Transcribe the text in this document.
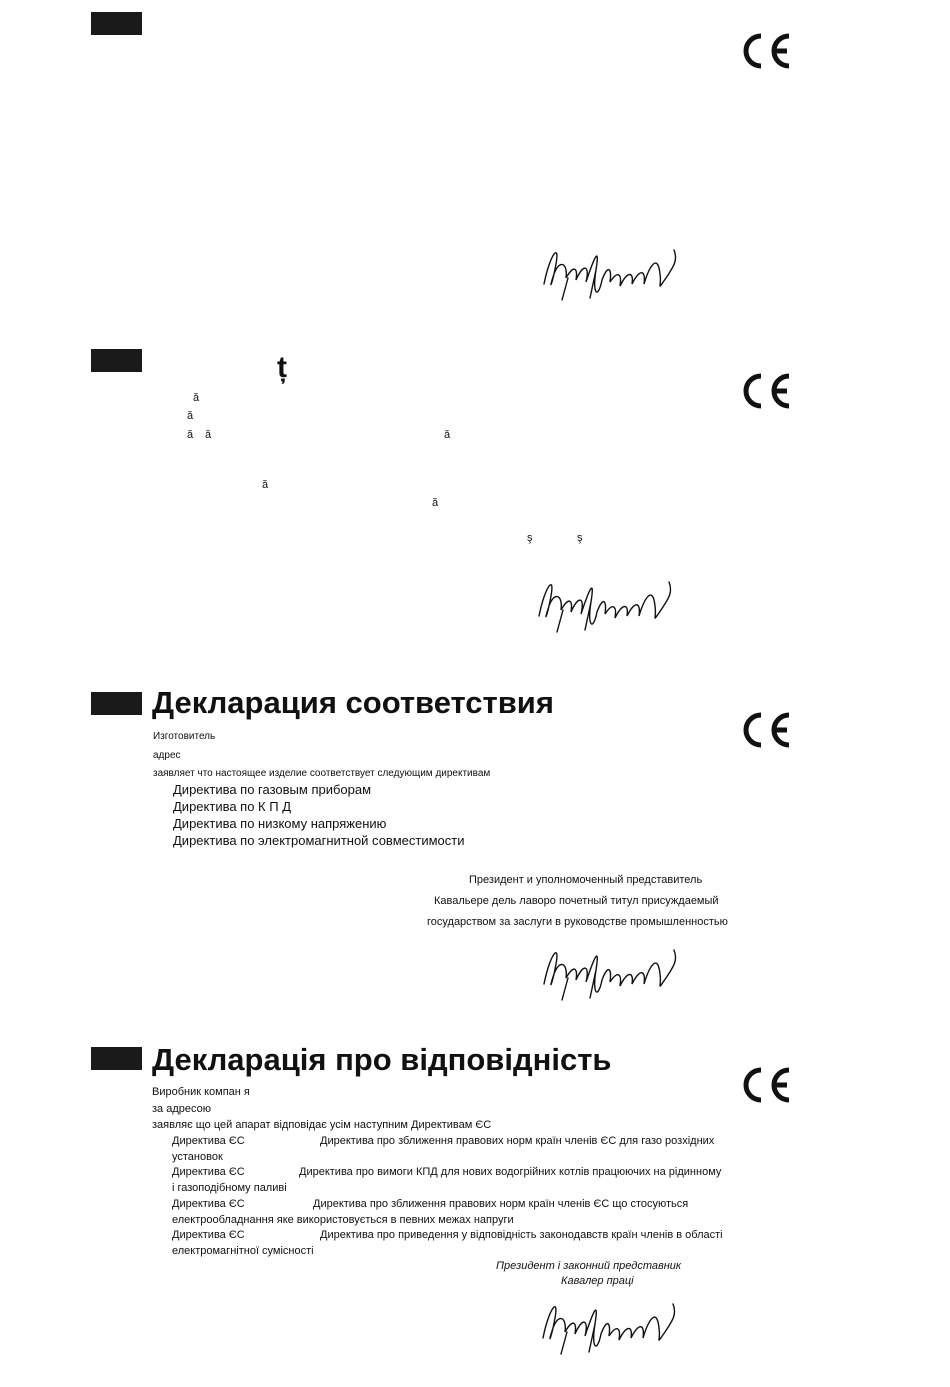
ț
ă
ă
ă ă	ă
ă
ă
ş	ş
Декларация соответствия
Изготовитель
адрес
заявляет что настоящее изделие соответствует следующим директивам
Директива по газовым приборам
Директива по К П Д
Директива по низкому напряжению
Директива по электромагнитной совместимости
Президент и уполномоченный представитель
Кавальере дель лаворо почетный титул присуждаемый
государством за заслуги в руководстве промышленностью
Декларація про відповідність
Виробник компан я
за адресою
заявляє що цей апарат відповідає усім наступним Директивам ЄС
Директива ЄС	Директива про зближення правових норм країн членів ЄС для газо розхідних
установок
Директива ЄС	Директива про вимоги КПД для нових водогрійних котлів працюючих на рідинному
і газоподібному паливі
Директива ЄС	Директива про зближення правових норм країн членів ЄС що стосуються
електрообладнання яке використовується в певних межах напруги
Директива ЄС	Директива про приведення у відповідність законодавств країн членів в області
електромагнітної сумісності
Президент і законний представник
Кавалер праці
